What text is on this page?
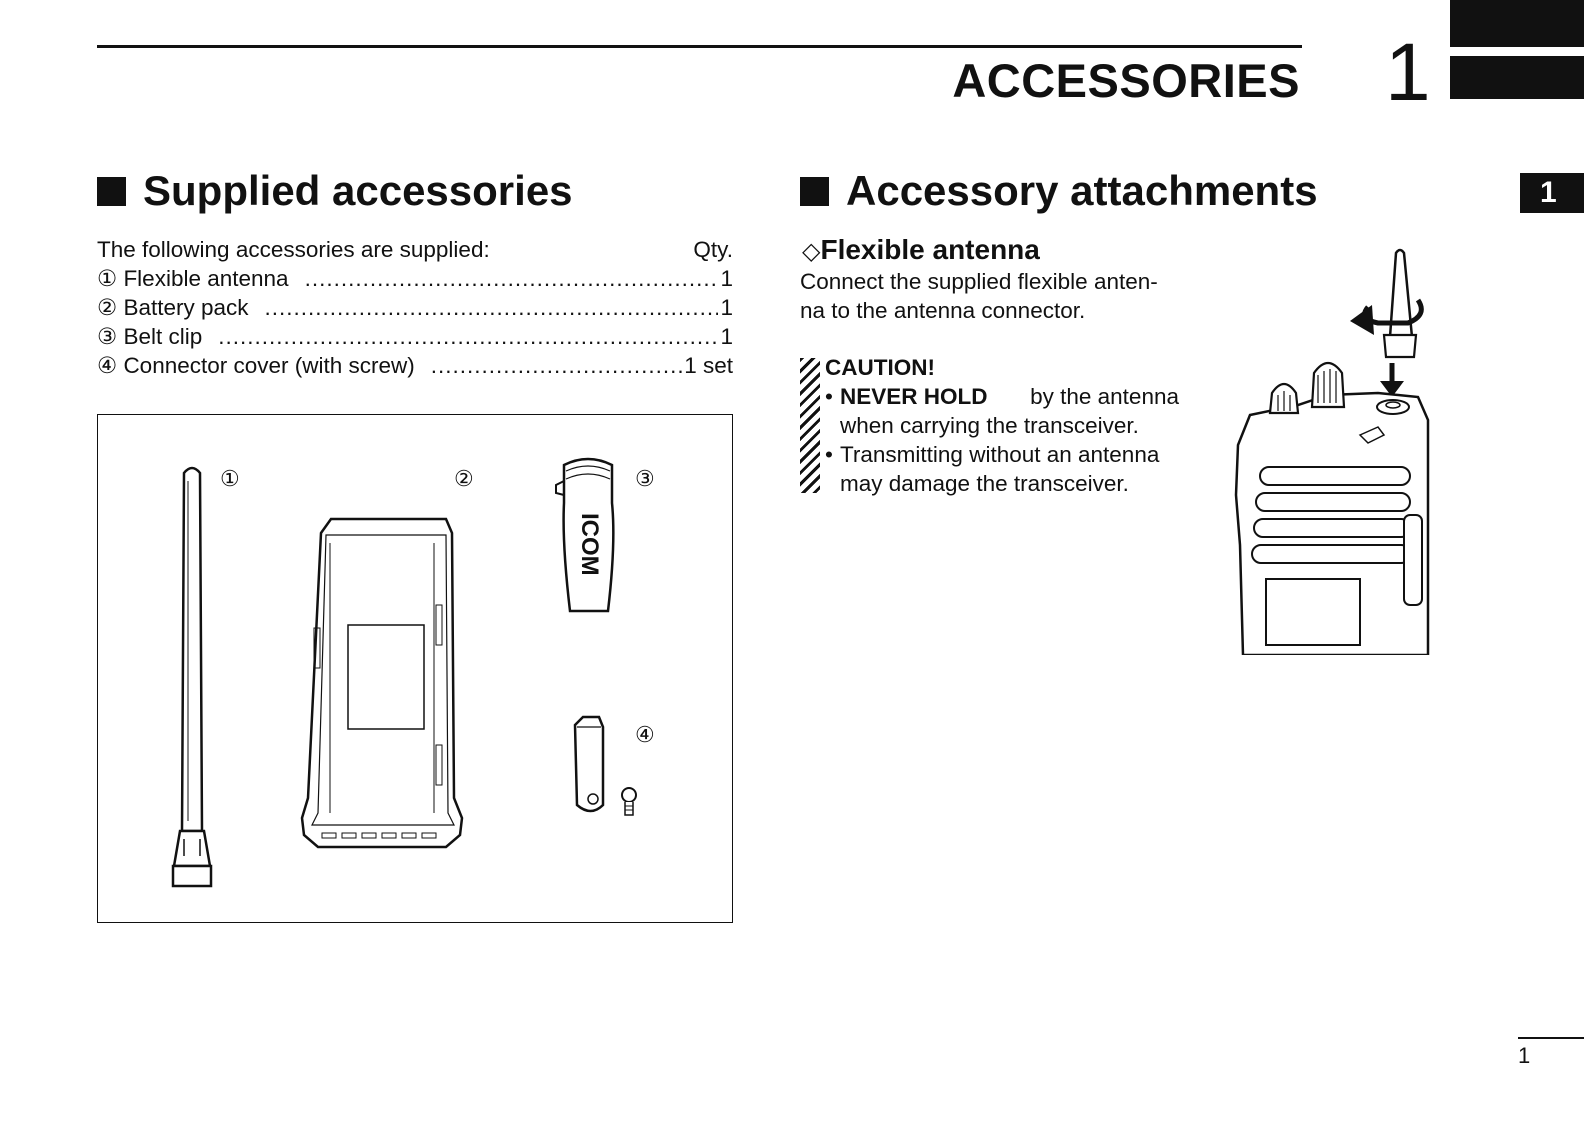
ACCESSORIES 1
1
Supplied accessories
The following accessories are supplied:	Qty.
① Flexible antenna .....	1
② Battery pack .....	1
③ Belt clip .....	1
④ Connector cover (with screw) .....	1 set
①	②	③
④
ICOM
Accessory attachments
◇Flexible antenna
Connect the supplied flexible anten-
na to the antenna connector.
CAUTION!
• NEVER HOLD by the antenna
when carrying the transceiver.
• Transmitting without an antenna
may damage the transceiver.
1
